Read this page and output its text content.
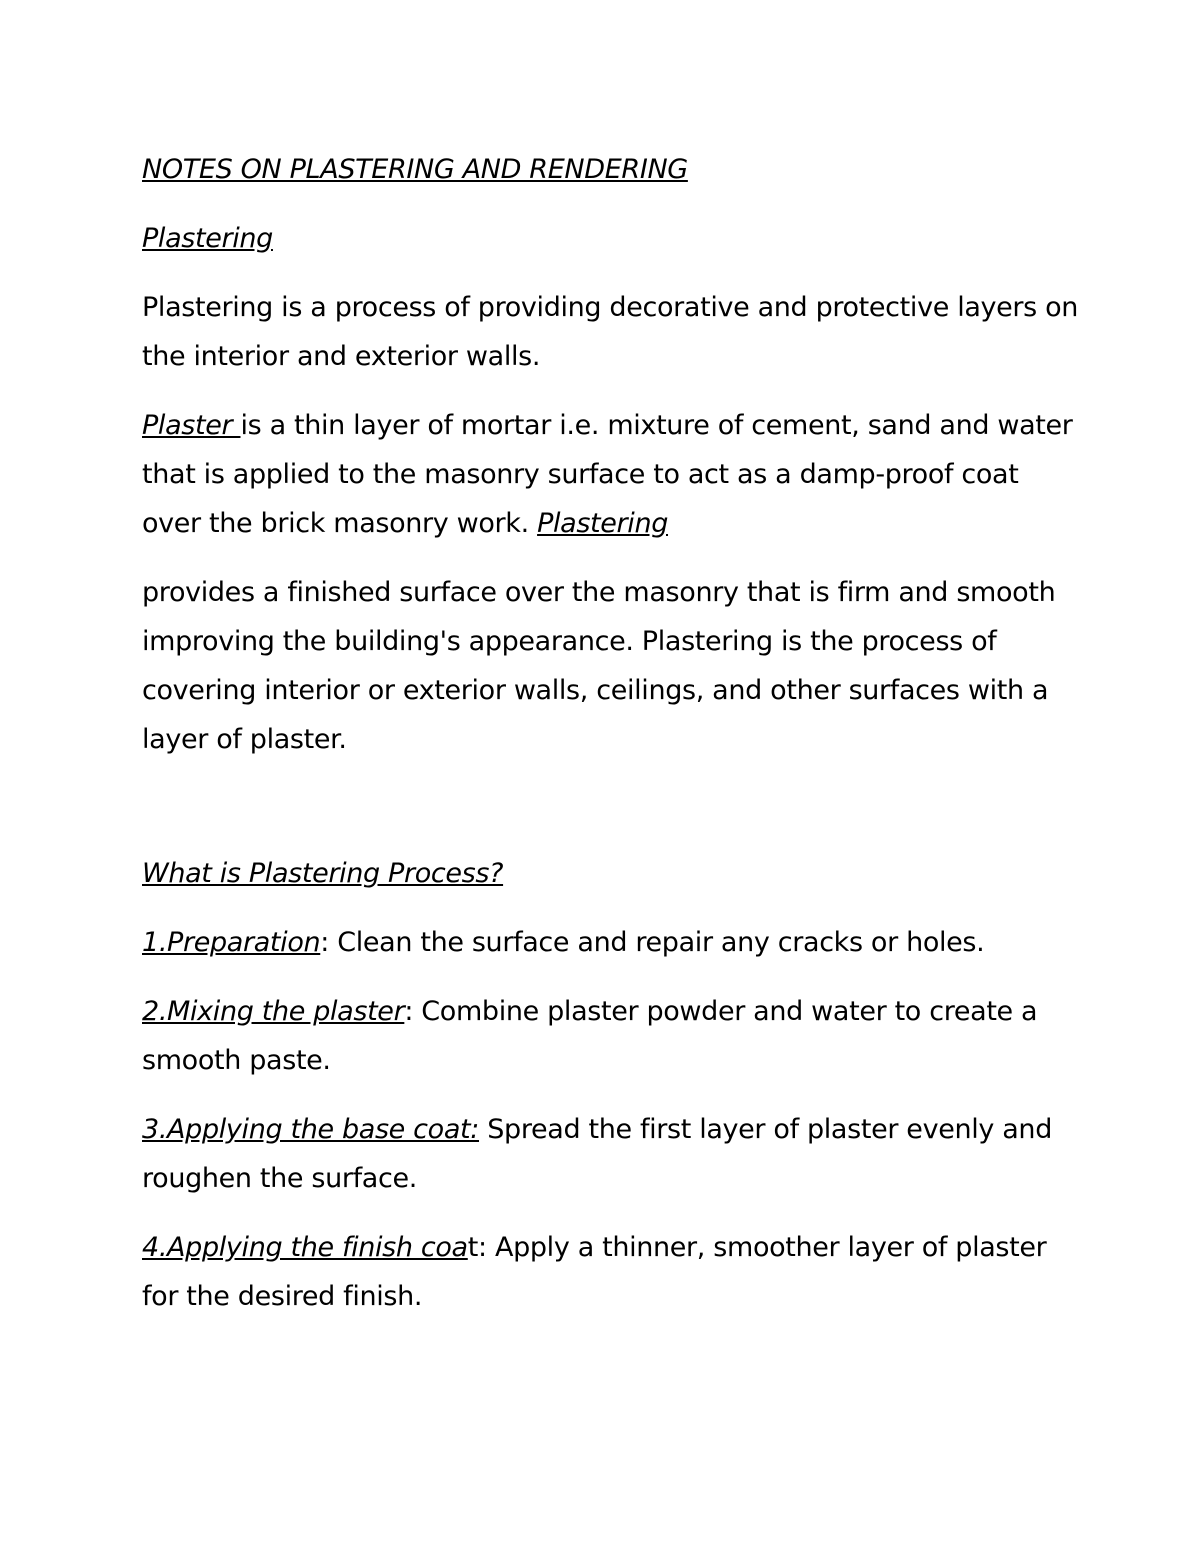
NOTES ON PLASTERING AND RENDERING

Plastering

Plastering is a process of providing decorative and protective layers on the interior and exterior walls.

Plaster is a thin layer of mortar i.e. mixture of cement, sand and water that is applied to the masonry surface to act as a damp-proof coat over the brick masonry work. Plastering

provides a finished surface over the masonry that is firm and smooth improving the building's appearance. Plastering is the process of covering interior or exterior walls, ceilings, and other surfaces with a layer of plaster.

What is Plastering Process?

1.Preparation: Clean the surface and repair any cracks or holes.

2.Mixing the plaster: Combine plaster powder and water to create a smooth paste.

3.Applying the base coat: Spread the first layer of plaster evenly and roughen the surface.

4.Applying the finish coat: Apply a thinner, smoother layer of plaster for the desired finish.
